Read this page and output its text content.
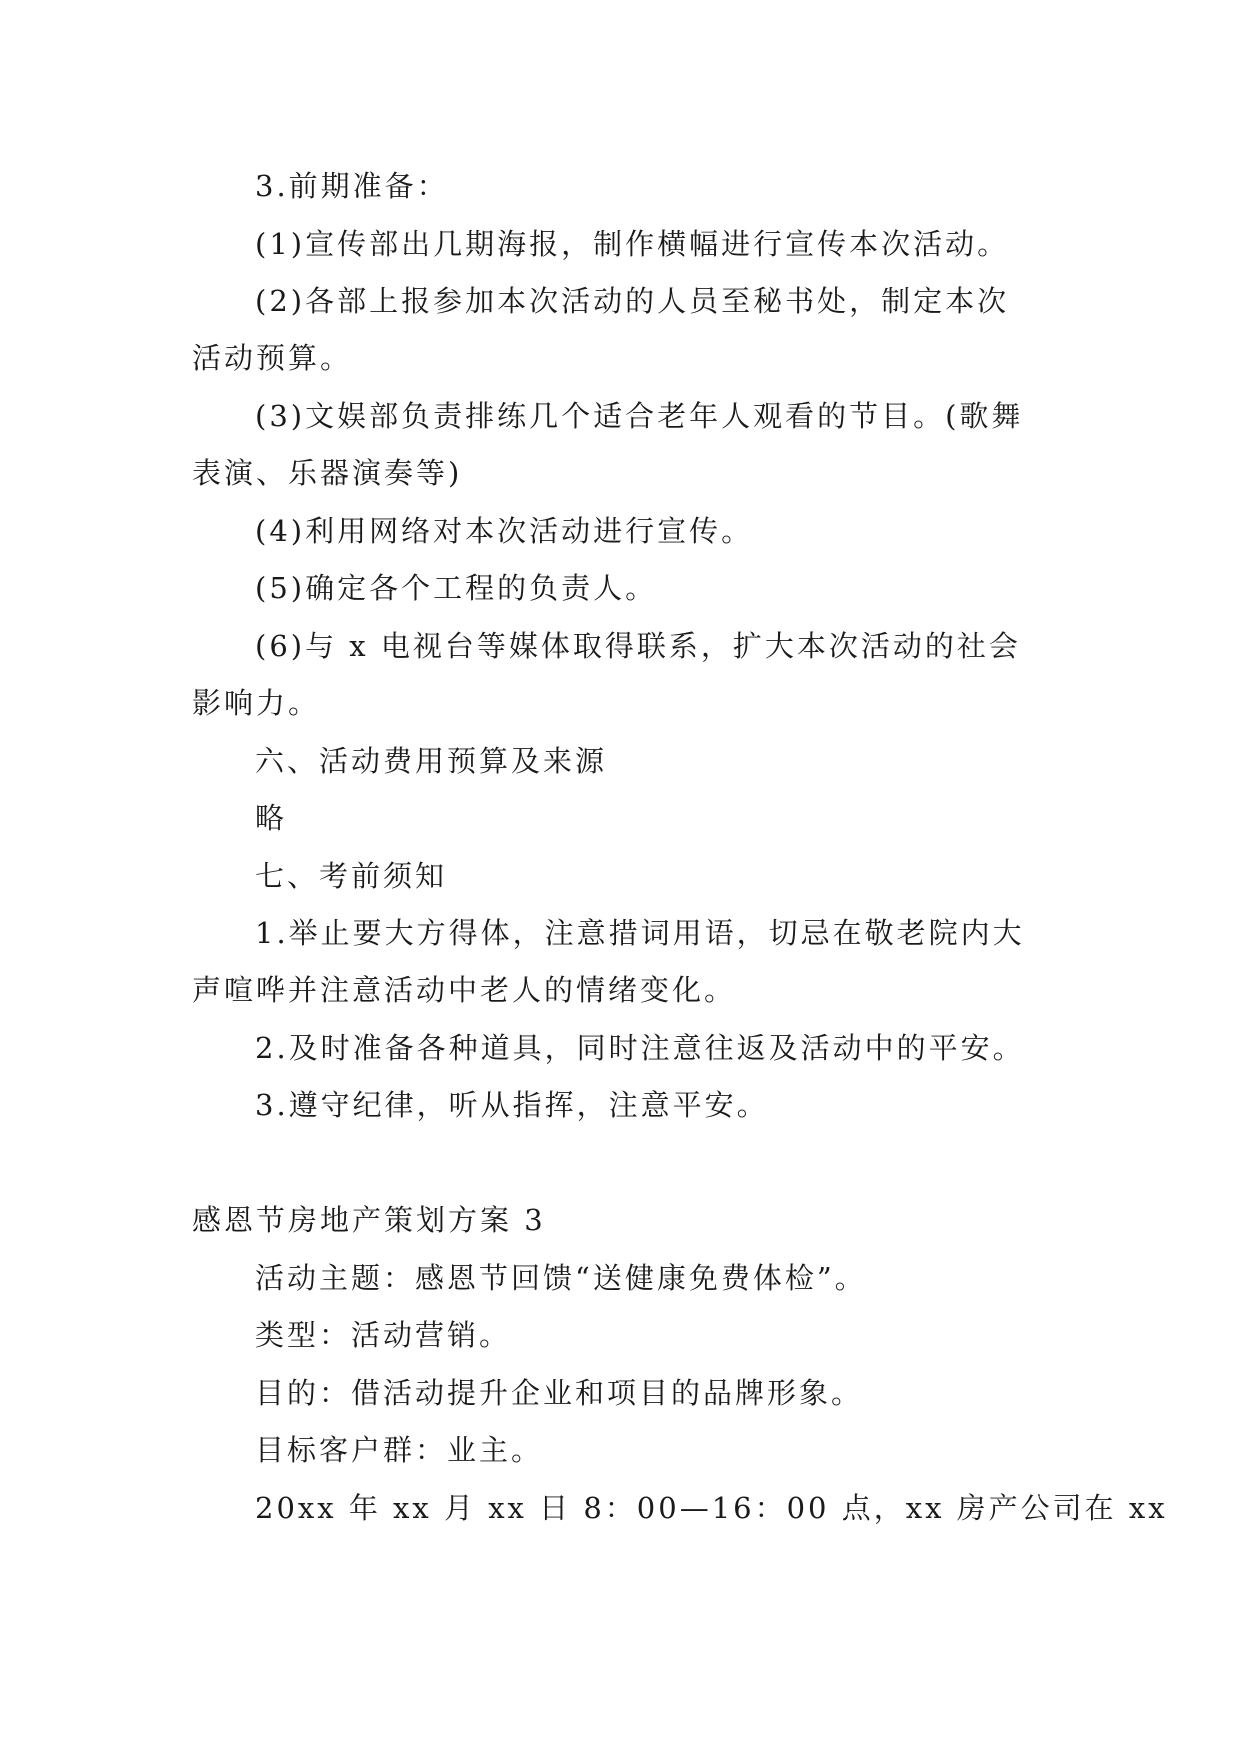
3.前期准备：
(1)宣传部出几期海报，制作横幅进行宣传本次活动。
(2)各部上报参加本次活动的人员至秘书处，制定本次
活动预算。
(3)文娱部负责排练几个适合老年人观看的节目。(歌舞
表演、乐器演奏等)
(4)利用网络对本次活动进行宣传。
(5)确定各个工程的负责人。
(6)与 x 电视台等媒体取得联系，扩大本次活动的社会
影响力。
六、活动费用预算及来源
略
七、考前须知
1.举止要大方得体，注意措词用语，切忌在敬老院内大
声喧哗并注意活动中老人的情绪变化。
2.及时准备各种道具，同时注意往返及活动中的平安。
3.遵守纪律，听从指挥，注意平安。
感恩节房地产策划方案 3
活动主题：感恩节回馈“送健康免费体检”。
类型：活动营销。
目的：借活动提升企业和项目的品牌形象。
目标客户群：业主。
20xx 年 xx 月 xx 日 8：00—16：00 点，xx 房产公司在 xx
